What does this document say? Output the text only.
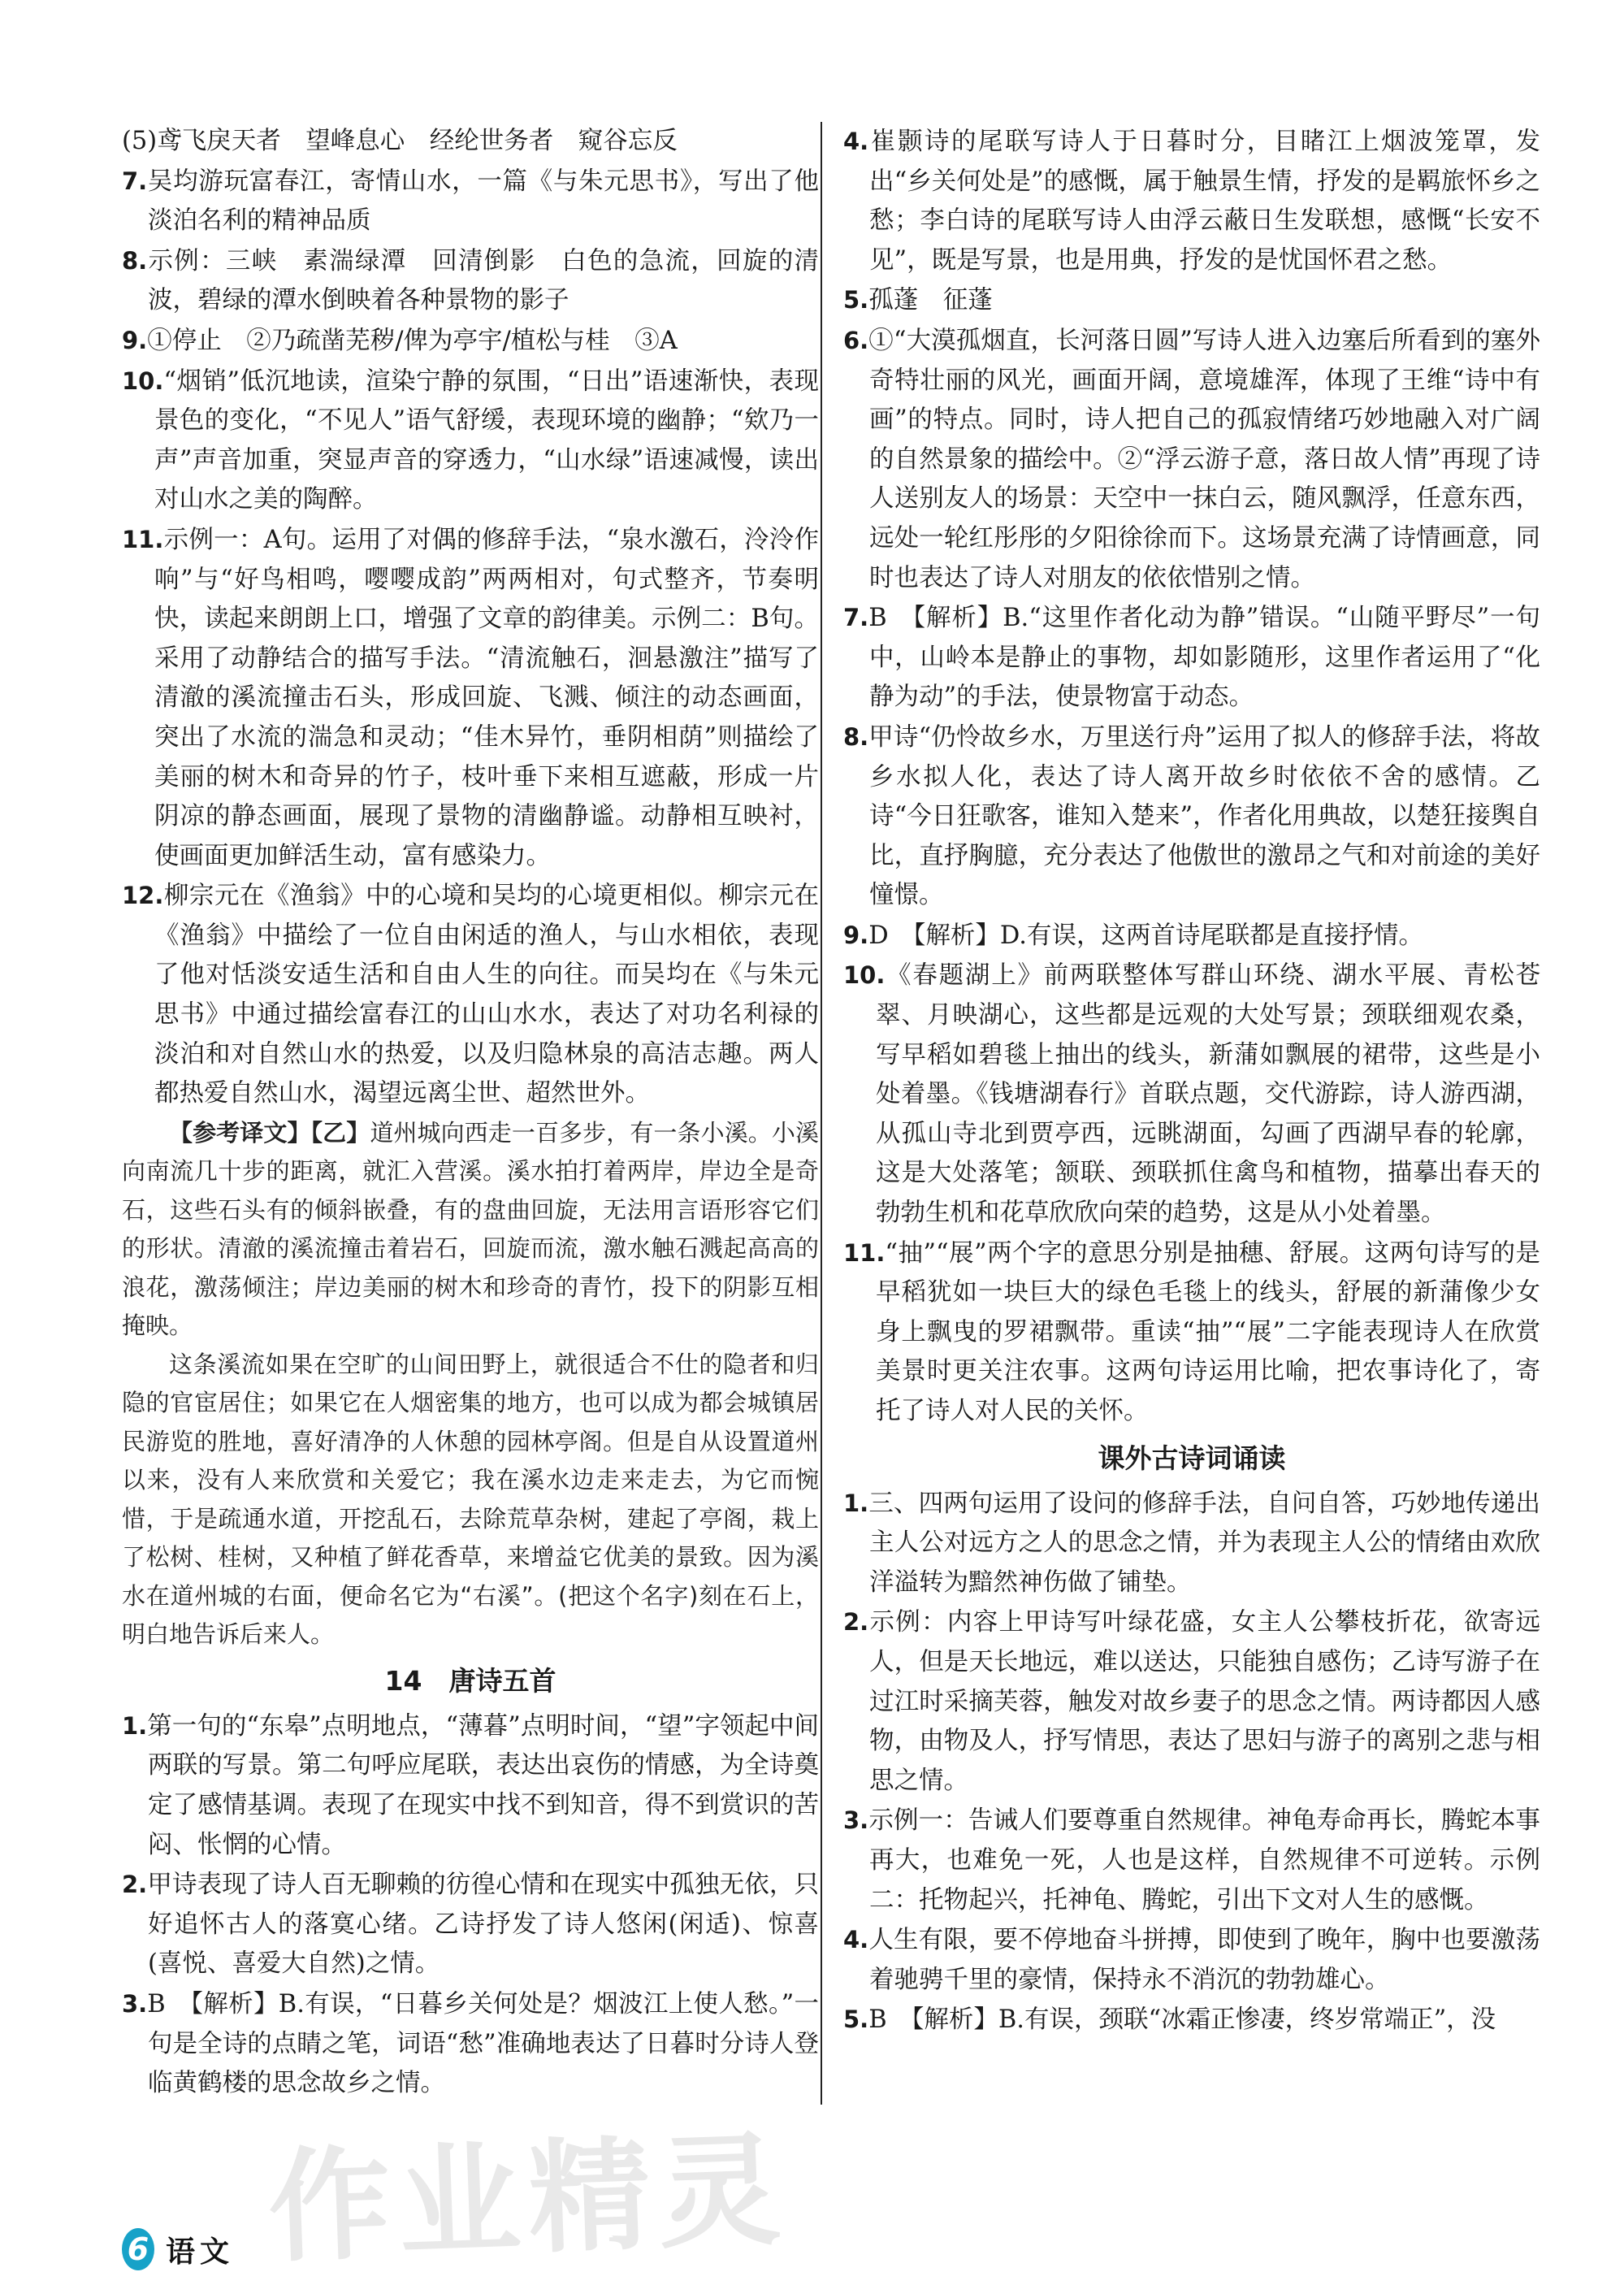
(5)鸢飞戾天者　望峰息心　经纶世务者　窥谷忘反

7.吴均游玩富春江，寄情山水，一篇《与朱元思书》，写出了他淡泊名利的精神品质

8.示例：三峡　素湍绿潭　回清倒影　白色的急流，回旋的清波，碧绿的潭水倒映着各种景物的影子

9.①停止　②乃疏凿芜秽/俾为亭宇/植松与桂　③A

10.“烟销”低沉地读，渲染宁静的氛围，“日出”语速渐快，表现景色的变化，“不见人”语气舒缓，表现环境的幽静；“欸乃一声”声音加重，突显声音的穿透力，“山水绿”语速减慢，读出对山水之美的陶醉。

11.示例一：A句。运用了对偶的修辞手法，“泉水激石，泠泠作响”与“好鸟相鸣，嘤嘤成韵”两两相对，句式整齐，节奏明快，读起来朗朗上口，增强了文章的韵律美。示例二：B句。采用了动静结合的描写手法。“清流触石，洄悬激注”描写了清澈的溪流撞击石头，形成回旋、飞溅、倾注的动态画面，突出了水流的湍急和灵动；“佳木异竹，垂阴相荫”则描绘了美丽的树木和奇异的竹子，枝叶垂下来相互遮蔽，形成一片阴凉的静态画面，展现了景物的清幽静谧。动静相互映衬，使画面更加鲜活生动，富有感染力。

12.柳宗元在《渔翁》中的心境和吴均的心境更相似。柳宗元在《渔翁》中描绘了一位自由闲适的渔人，与山水相依，表现了他对恬淡安适生活和自由人生的向往。而吴均在《与朱元思书》中通过描绘富春江的山山水水，表达了对功名利禄的淡泊和对自然山水的热爱，以及归隐林泉的高洁志趣。两人都热爱自然山水，渴望远离尘世、超然世外。

【参考译文】【乙】道州城向西走一百多步，有一条小溪。小溪向南流几十步的距离，就汇入营溪。溪水拍打着两岸，岸边全是奇石，这些石头有的倾斜嵌叠，有的盘曲回旋，无法用言语形容它们的形状。清澈的溪流撞击着岩石，回旋而流，激水触石溅起高高的浪花，激荡倾注；岸边美丽的树木和珍奇的青竹，投下的阴影互相掩映。

这条溪流如果在空旷的山间田野上，就很适合不仕的隐者和归隐的官宦居住；如果它在人烟密集的地方，也可以成为都会城镇居民游览的胜地，喜好清净的人休憩的园林亭阁。但是自从设置道州以来，没有人来欣赏和关爱它；我在溪水边走来走去，为它而惋惜，于是疏通水道，开挖乱石，去除荒草杂树，建起了亭阁，栽上了松树、桂树，又种植了鲜花香草，来增益它优美的景致。因为溪水在道州城的右面，便命名它为“右溪”。(把这个名字)刻在石上，明白地告诉后来人。

14　唐诗五首

1.第一句的“东皋”点明地点，“薄暮”点明时间，“望”字领起中间两联的写景。第二句呼应尾联，表达出哀伤的情感，为全诗奠定了感情基调。表现了在现实中找不到知音，得不到赏识的苦闷、怅惘的心情。

2.甲诗表现了诗人百无聊赖的彷徨心情和在现实中孤独无依，只好追怀古人的落寞心绪。乙诗抒发了诗人悠闲(闲适)、惊喜(喜悦、喜爱大自然)之情。

3.B　【解析】B.有误，“日暮乡关何处是？烟波江上使人愁。”一句是全诗的点睛之笔，词语“愁”准确地表达了日暮时分诗人登临黄鹤楼的思念故乡之情。

4.崔颢诗的尾联写诗人于日暮时分，目睹江上烟波笼罩，发出“乡关何处是”的感慨，属于触景生情，抒发的是羁旅怀乡之愁；李白诗的尾联写诗人由浮云蔽日生发联想，感慨“长安不见”，既是写景，也是用典，抒发的是忧国怀君之愁。

5.孤蓬　征蓬

6.①“大漠孤烟直，长河落日圆”写诗人进入边塞后所看到的塞外奇特壮丽的风光，画面开阔，意境雄浑，体现了王维“诗中有画”的特点。同时，诗人把自己的孤寂情绪巧妙地融入对广阔的自然景象的描绘中。②“浮云游子意，落日故人情”再现了诗人送别友人的场景：天空中一抹白云，随风飘浮，任意东西，远处一轮红彤彤的夕阳徐徐而下。这场景充满了诗情画意，同时也表达了诗人对朋友的依依惜别之情。

7.B　【解析】B.“这里作者化动为静”错误。“山随平野尽”一句中，山岭本是静止的事物，却如影随形，这里作者运用了“化静为动”的手法，使景物富于动态。

8.甲诗“仍怜故乡水，万里送行舟”运用了拟人的修辞手法，将故乡水拟人化，表达了诗人离开故乡时依依不舍的感情。乙诗“今日狂歌客，谁知入楚来”，作者化用典故，以楚狂接舆自比，直抒胸臆，充分表达了他傲世的激昂之气和对前途的美好憧憬。

9.D　【解析】D.有误，这两首诗尾联都是直接抒情。

10.《春题湖上》前两联整体写群山环绕、湖水平展、青松苍翠、月映湖心，这些都是远观的大处写景；颈联细观农桑，写早稻如碧毯上抽出的线头，新蒲如飘展的裙带，这些是小处着墨。《钱塘湖春行》首联点题，交代游踪，诗人游西湖，从孤山寺北到贾亭西，远眺湖面，勾画了西湖早春的轮廓，这是大处落笔；颔联、颈联抓住禽鸟和植物，描摹出春天的勃勃生机和花草欣欣向荣的趋势，这是从小处着墨。

11.“抽”“展”两个字的意思分别是抽穗、舒展。这两句诗写的是早稻犹如一块巨大的绿色毛毯上的线头，舒展的新蒲像少女身上飘曳的罗裙飘带。重读“抽”“展”二字能表现诗人在欣赏美景时更关注农事。这两句诗运用比喻，把农事诗化了，寄托了诗人对人民的关怀。

课外古诗词诵读

1.三、四两句运用了设问的修辞手法，自问自答，巧妙地传递出主人公对远方之人的思念之情，并为表现主人公的情绪由欢欣洋溢转为黯然神伤做了铺垫。

2.示例：内容上甲诗写叶绿花盛，女主人公攀枝折花，欲寄远人，但是天长地远，难以送达，只能独自感伤；乙诗写游子在过江时采摘芙蓉，触发对故乡妻子的思念之情。两诗都因人感物，由物及人，抒写情思，表达了思妇与游子的离别之悲与相思之情。

3.示例一：告诫人们要尊重自然规律。神龟寿命再长，腾蛇本事再大，也难免一死，人也是这样，自然规律不可逆转。示例二：托物起兴，托神龟、腾蛇，引出下文对人生的感慨。

4.人生有限，要不停地奋斗拼搏，即使到了晚年，胸中也要激荡着驰骋千里的豪情，保持永不消沉的勃勃雄心。

5.B　【解析】B.有误，颈联“冰霜正惨凄，终岁常端正”，没

作业精灵
6 语文
